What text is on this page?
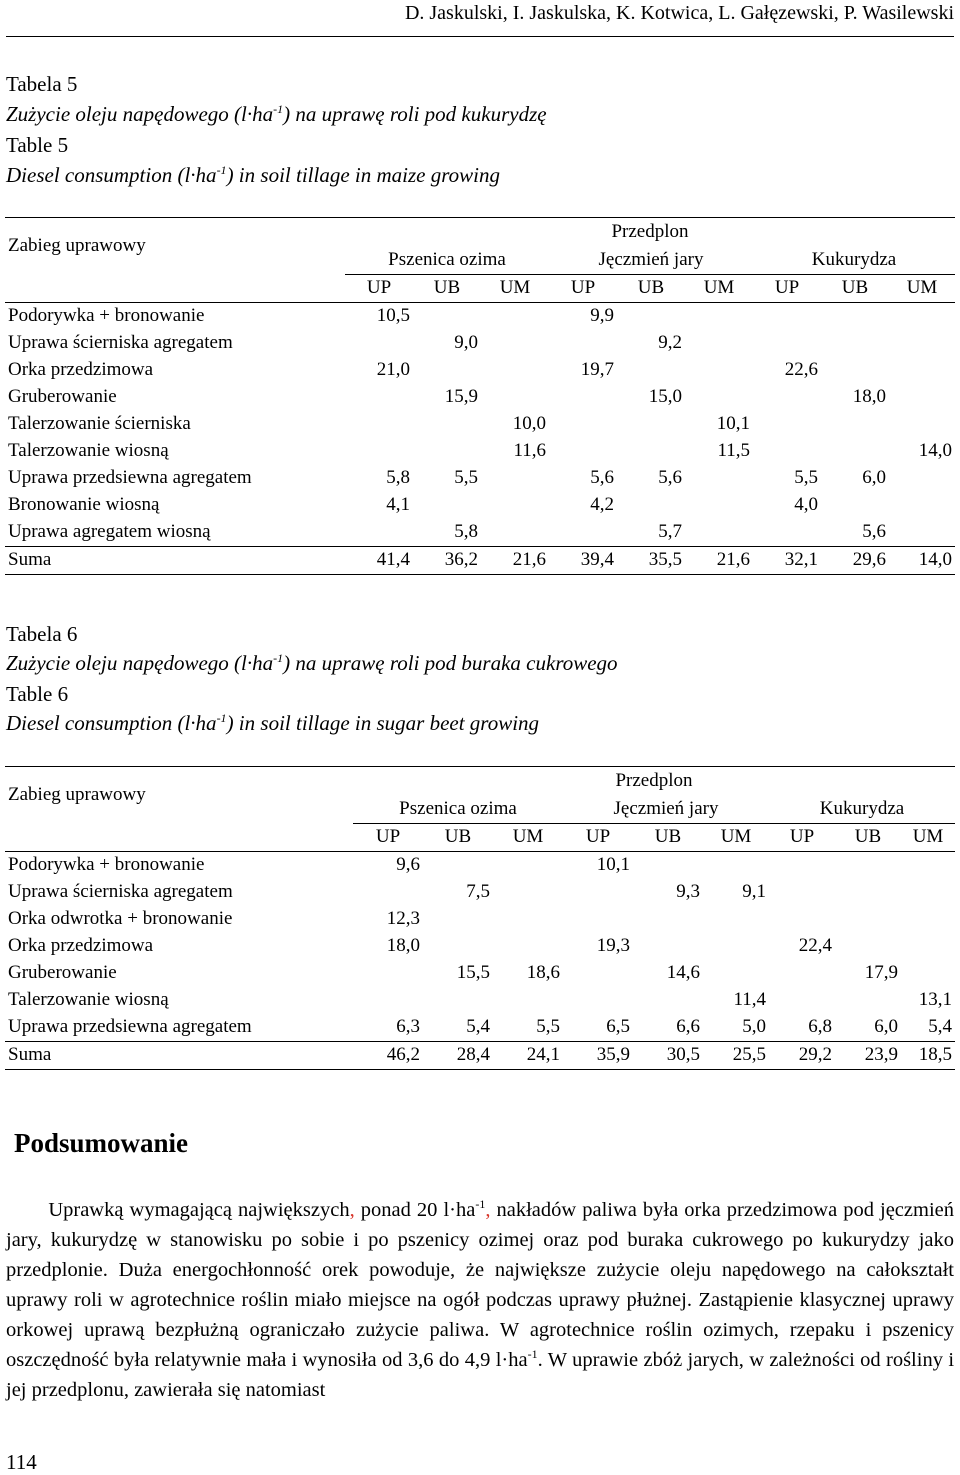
D. Jaskulski, I. Jaskulska, K. Kotwica, L. Gałęzewski, P. Wasilewski
Tabela 5
Zużycie oleju napędowego $(l\cdot ha^{-1})$ na uprawę roli pod kukurydzę
Table 5
Diesel consumption $(l\cdot ha^{-1})$ in soil tillage in maize growing
Zabieg uprawowy	Przedplon								
	Pszenica ozima			Jęczmień jary			Kukurydza		
	UP	UB	UM	UP	UB	UM	UP	UB	UM
Podorywka + bronowanie	10,5			9,9					
Uprawa ścierniska agregatem		9,0			9,2				
Orka przedzimowa	21,0			19,7			22,6		
Gruberowanie		15,9			15,0			18,0	
Talerzowanie ścierniska			10,0			10,1			
Talerzowanie wiosną			11,6			11,5			14,0
Uprawa przedsiewna agregatem	5,8	5,5		5,6	5,6		5,5	6,0	
Bronowanie wiosną	4,1			4,2			4,0		
Uprawa agregatem wiosną		5,8			5,7			5,6	
Suma	41,4	36,2	21,6	39,4	35,5	21,6	32,1	29,6	14,0
Tabela 6
Zużycie oleju napędowego $(l\cdot ha^{-1})$ na uprawę roli pod buraka cukrowego
Table 6
Diesel consumption $(l\cdot ha^{-1})$ in soil tillage in sugar beet growing
Zabieg uprawowy	Przedplon								
	Pszenica ozima			Jęczmień jary			Kukurydza		
	UP	UB	UM	UP	UB	UM	UP	UB	UM
Podorywka + bronowanie	9,6			10,1					
Uprawa ścierniska agregatem		7,5			9,3	9,1			
Orka odwrotka + bronowanie	12,3								
Orka przedzimowa	18,0			19,3			22,4		
Gruberowanie		15,5	18,6		14,6			17,9	
Talerzowanie wiosną						11,4			13,1
Uprawa przedsiewna agregatem	6,3	5,4	5,5	6,5	6,6	5,0	6,8	6,0	5,4
Suma	46,2	28,4	24,1	35,9	30,5	25,5	29,2	23,9	18,5
Podsumowanie
Uprawką wymagającą największych, ponad 20 $l\cdot ha^{-1}$, nakładów paliwa była orka przedzimowa pod jęczmień jary, kukurydzę w stanowisku po sobie i po pszenicy ozimej oraz pod buraka cukrowego po kukurydzy jako przedplonie. Duża energochłonność orek powoduje, że największe zużycie oleju napędowego na całokształt uprawy roli w agrotechnice roślin miało miejsce na ogół podczas uprawy płużnej. Zastąpienie klasycznej uprawy orkowej uprawą bezpłużną ograniczało zużycie paliwa. W agrotechnice roślin ozimych, rzepaku i pszenicy oszczędność była relatywnie mała i wynosiła od 3,6 do 4,9 $l\cdot ha^{-1}$. W uprawie zbóż jarych, w zależności od rośliny i jej przedplonu, zawierała się natomiast
114
